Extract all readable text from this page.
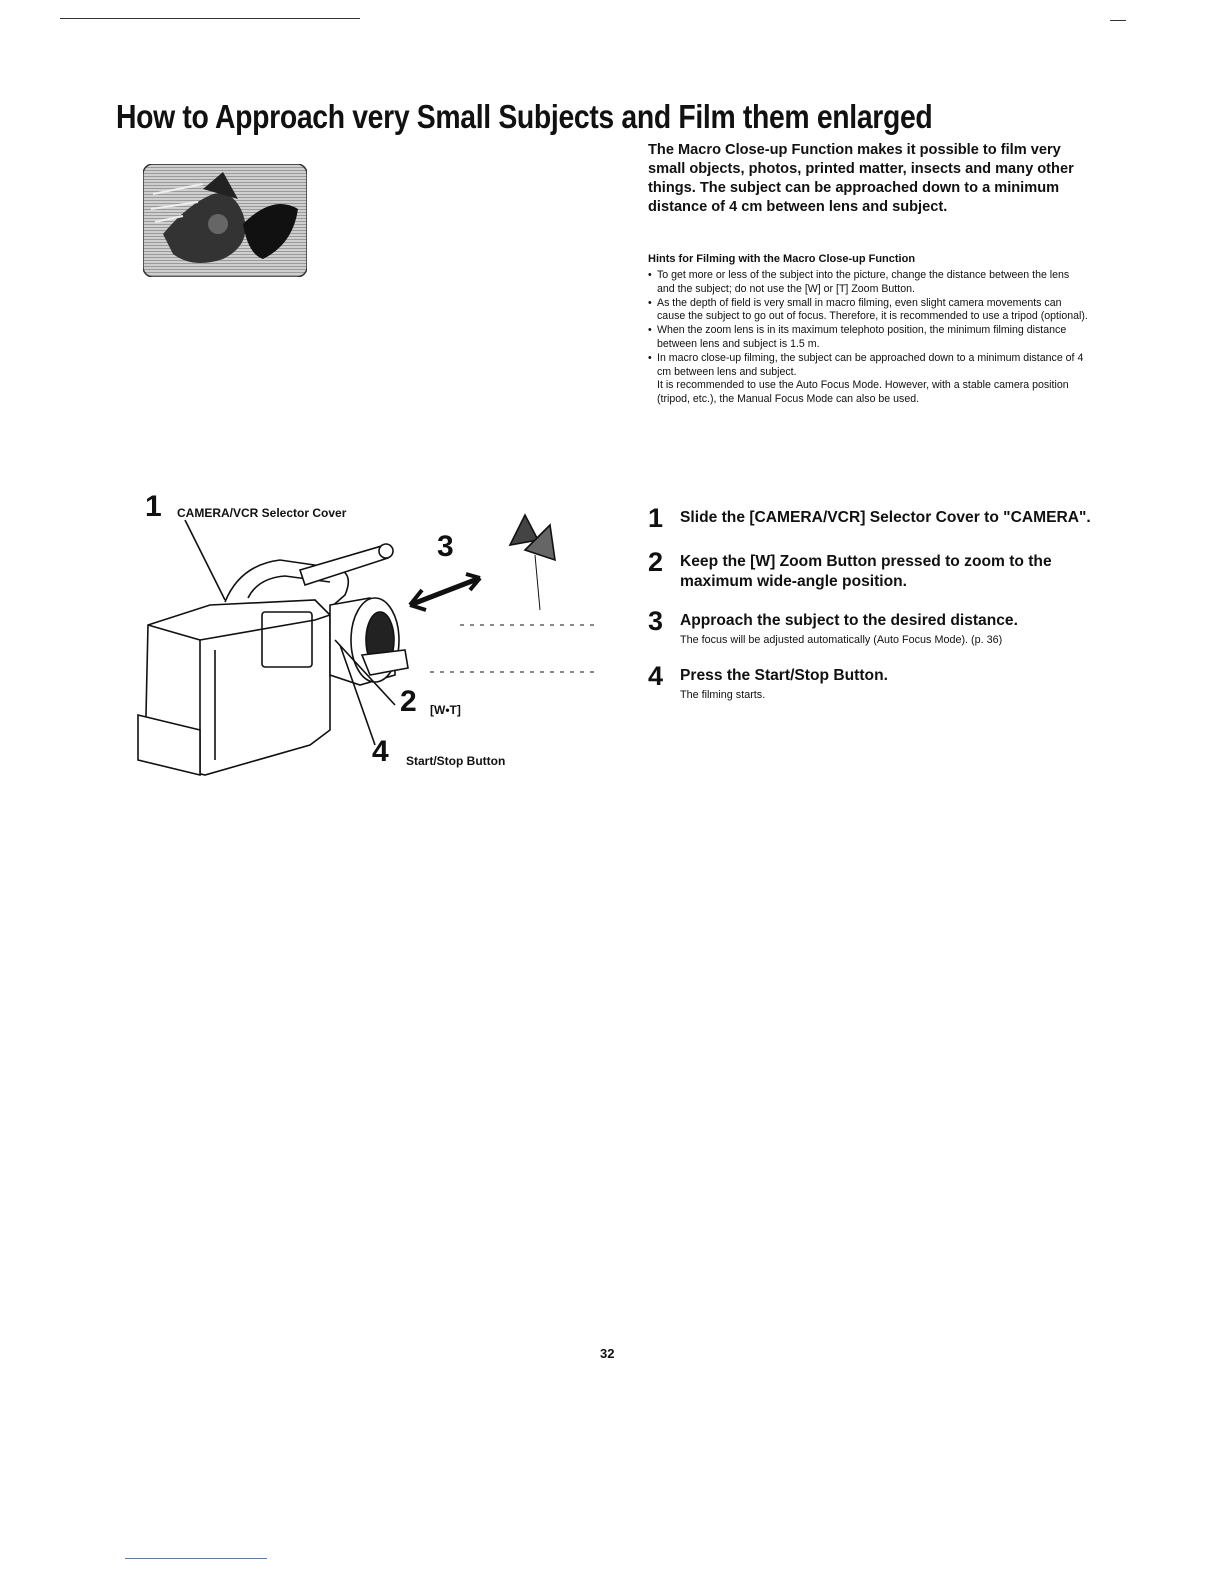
How to Approach very Small Subjects and Film them enlarged
The Macro Close-up Function makes it possible to film very small objects, photos, printed matter, insects and many other things. The subject can be approached down to a minimum distance of 4 cm between lens and subject.
Hints for Filming with the Macro Close-up Function
• To get more or less of the subject into the picture, change the distance between the lens and the subject; do not use the [W] or [T] Zoom Button.
• As the depth of field is very small in macro filming, even slight camera movements can cause the subject to go out of focus. Therefore, it is recommended to use a tripod (optional).
• When the zoom lens is in its maximum telephoto position, the minimum filming distance between lens and subject is 1.5 m.
• In macro close-up filming, the subject can be approached down to a minimum distance of 4 cm between lens and subject.
It is recommended to use the Auto Focus Mode. However, with a stable camera position (tripod, etc.), the Manual Focus Mode can also be used.
1 Slide the [CAMERA/VCR] Selector Cover to "CAMERA".
2 Keep the [W] Zoom Button pressed to zoom to the maximum wide-angle position.
3 Approach the subject to the desired distance.
The focus will be adjusted automatically (Auto Focus Mode). (p. 36)
4 Press the Start/Stop Button.
The filming starts.
1 CAMERA/VCR Selector Cover
3
2 [W•T]
4 Start/Stop Button
32
